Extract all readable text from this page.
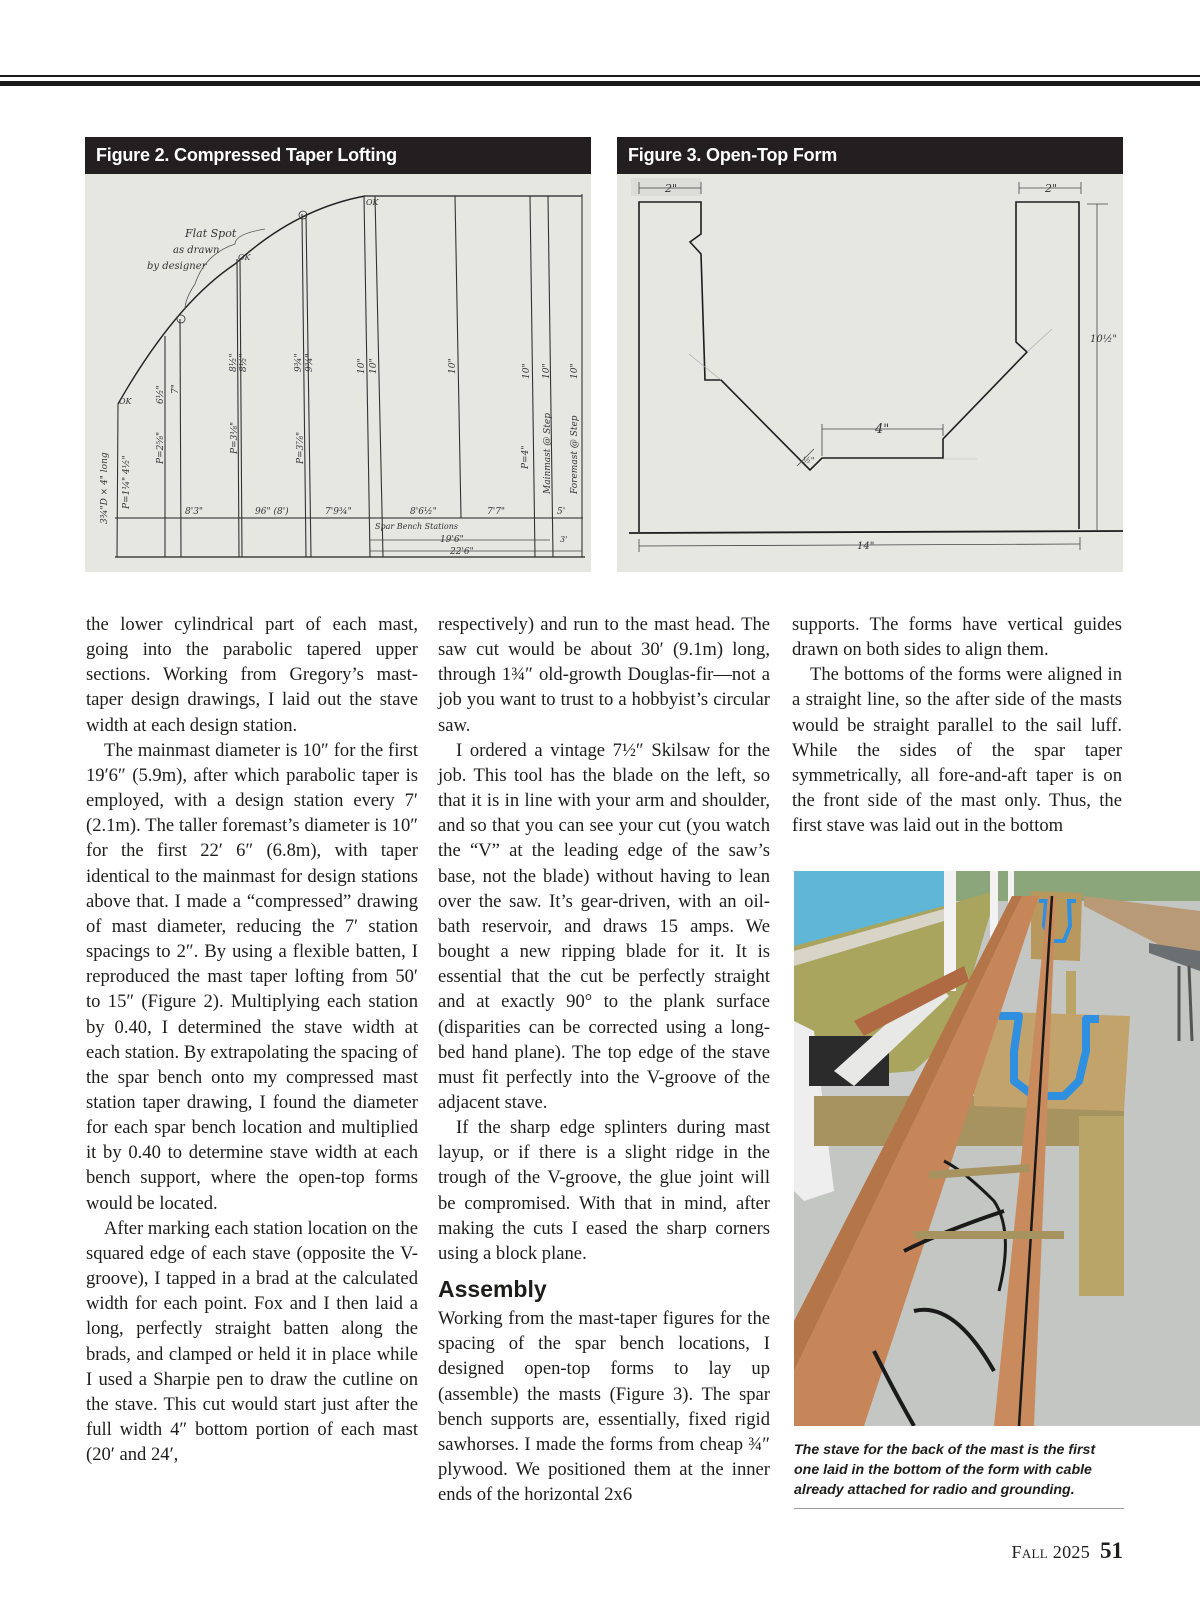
Figure 2. Compressed Taper Lofting
Flat Spot
as drawn
by designer
OK
OK
OK
P=1¼"
P=2⅝"	P=3⅛"	P=3⅞"	P=4" Mainmast @ Step Foremast @ Step
3¾"D × 4" long 4½"
6½" 7"
8½" 8½"	9¾" 9¾"	10" 10"	10"	10" 10" 10"
8'3"	96" (8')	7'9¾"	8'6½"	7'7"	5'
Spar Bench Stations
19'6"
22'6"
3'
Figure 3. Open-Top Form
2"	2"
4"
½"
10½"
14"

the lower cylindrical part of each mast, going into the parabolic tapered upper sections. Working from Gregory’s mast-taper design drawings, I laid out the stave width at each design station.

The mainmast diameter is 10″ for the first 19′6″ (5.9m), after which parabolic taper is employed, with a design station every 7′ (2.1m). The taller foremast’s diameter is 10″ for the first 22′ 6″ (6.8m), with taper identical to the mainmast for design stations above that. I made a “compressed” drawing of mast diameter, reducing the 7′ station spacings to 2″. By using a flexible batten, I reproduced the mast taper lofting from 50′ to 15″ (Figure 2). Multiplying each station by 0.40, I determined the stave width at each station. By extrapolating the spacing of the spar bench onto my compressed mast station taper drawing, I found the diameter for each spar bench location and multiplied it by 0.40 to determine stave width at each bench support, where the open-top forms would be located.

After marking each station location on the squared edge of each stave (opposite the V-groove), I tapped in a brad at the calculated width for each point. Fox and I then laid a long, perfectly straight batten along the brads, and clamped or held it in place while I used a Sharpie pen to draw the cutline on the stave. This cut would start just after the full width 4″ bottom portion of each mast (20′ and 24′,

respectively) and run to the mast head. The saw cut would be about 30′ (9.1m) long, through 1¾″ old-growth Douglas-fir—not a job you want to trust to a hobbyist’s circular saw.

I ordered a vintage 7½″ Skilsaw for the job. This tool has the blade on the left, so that it is in line with your arm and shoulder, and so that you can see your cut (you watch the “V” at the leading edge of the saw’s base, not the blade) without having to lean over the saw. It’s gear-driven, with an oil-bath reservoir, and draws 15 amps. We bought a new ripping blade for it. It is essential that the cut be perfectly straight and at exactly 90° to the plank surface (disparities can be corrected using a long-bed hand plane). The top edge of the stave must fit perfectly into the V-groove of the adjacent stave.

If the sharp edge splinters during mast layup, or if there is a slight ridge in the trough of the V-groove, the glue joint will be compromised. With that in mind, after making the cuts I eased the sharp corners using a block plane.

Assembly

Working from the mast-taper figures for the spacing of the spar bench locations, I designed open-top forms to lay up (assemble) the masts (Figure 3). The spar bench supports are, essentially, fixed rigid sawhorses. I made the forms from cheap ¾″ plywood. We positioned them at the inner ends of the horizontal 2x6

supports. The forms have vertical guides drawn on both sides to align them.

The bottoms of the forms were aligned in a straight line, so the after side of the masts would be straight parallel to the sail luff. While the sides of the spar taper symmetrically, all fore-and-aft taper is on the front side of the mast only. Thus, the first stave was laid out in the bottom

The stave for the back of the mast is the first one laid in the bottom of the form with cable already attached for radio and grounding.
Fall 2025 51
